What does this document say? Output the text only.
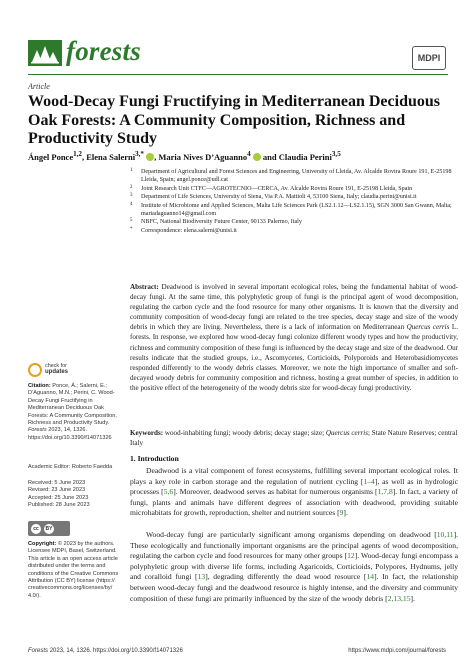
forests	MDPI
Article
Wood-Decay Fungi Fructifying in Mediterranean Deciduous Oak Forests: A Community Composition, Richness and Productivity Study
Ángel Ponce$^{1,2}$, Elena Salerni$^{3,*}$ , Maria Nives D’Aguanno$^4$  and Claudia Perini$^{3,5}$
1 Department of Agricultural and Forest Sciences and Engineering, University of Lleida, Av. Alcalde Rovira Roure 191, E-25198 Lleida, Spain; angel.ponce@udl.cat
2 Joint Research Unit CTFC—AGROTECNIO—CERCA, Av. Alcalde Rovira Roure 191, E-25198 Lleida, Spain
3 Department of Life Sciences, University of Siena, Via P.A. Mattioli 4, 53100 Siena, Italy; claudia.perini@unisi.it
4 Institute of Microbiome and Applied Sciences, Malta Life Sciences Park (LS2.1.12—LS2.1.15), SGN 3000 San Gwann, Malta; mariadaguanno14@gmail.com
5 NBFC, National Biodiversity Future Center, 90133 Palermo, Italy
* Correspondence: elena.salerni@unisi.it
Abstract: Deadwood is involved in several important ecological roles, being the fundamental habitat of wood-decay fungi. At the same time, this polyphyletic group of fungi is the principal agent of wood decomposition, regulating the carbon cycle and the food resource for many other organisms. It is known that the diversity and community composition of wood-decay fungi are related to the tree species, decay stage and size of the woody debris in which they are living. Nevertheless, there is a lack of information on Mediterranean Quercus cerris L. forests. In response, we explored how wood-decay fungi colonize different woody types and how the productivity, richness and community composition of these fungi is influenced by the decay stage and size of the deadwood. Our results indicate that the studied groups, i.e., Ascomycetes, Corticioids, Polyporoids and Heterobasidiomycetes responded differently to the woody debris classes. Moreover, we note the high importance of smaller and soft-decayed woody debris for community composition and richness, hosting a great number of species, in addition to the positive effect of the heterogeneity of the woody debris size for wood-decay fungi productivity.
Keywords: wood-inhabiting fungi; woody debris; decay stage; size; Quercus cerris; State Nature Reserves; central Italy
1. Introduction
Deadwood is a vital component of forest ecosystems, fulfilling several important ecological roles. It plays a key role in carbon storage and the regulation of nutrient cycling [1–4], as well as in hydrologic processes [5,6]. Moreover, deadwood serves as habitat for numerous organisms [1,7,8]. In fact, a variety of fungi, plants and animals have different degrees of association with deadwood, providing suitable microhabitats for growth, reproduction, shelter and nutrient sources [9].
Wood-decay fungi are particularly significant among organisms depending on deadwood [10,11]. These ecologically and functionally important organisms are the principal agents of wood decomposition, regulating the carbon cycle and food resources for many other groups [12]. Wood-decay fungi encompass a polyphyletic group with diverse life forms, including Agaricoids, Corticioids, Polypores, Hydnums, jelly and coralloid fungi [13], degrading differently the dead wood resource [14]. In fact, the relationship between wood-decay fungi and the deadwood resource is highly intense, and the diversity and community composition of these fungi are primarily influenced by the size of the woody debris [2,13,15].
check for
updates
Citation: Ponce, Á.; Salerni, E.; D’Aguanno, M.N.; Perini, C. Wood-Decay Fungi Fructifying in Mediterranean Deciduous Oak Forests: A Community Composition, Richness and Productivity Study. Forests 2023, 14, 1326. https://doi.org/10.3390/f14071326
Academic Editor: Roberto Faedda
Received: 5 June 2023
Revised: 23 June 2023
Accepted: 25 June 2023
Published: 28 June 2023
cc	BY
Copyright: © 2023 by the authors. Licensee MDPI, Basel, Switzerland. This article is an open access article distributed under the terms and conditions of the Creative Commons Attribution (CC BY) license (https:// creativecommons.org/licenses/by/ 4.0/).
Forests 2023, 14, 1326. https://doi.org/10.3390/f14071326	https://www.mdpi.com/journal/forests
